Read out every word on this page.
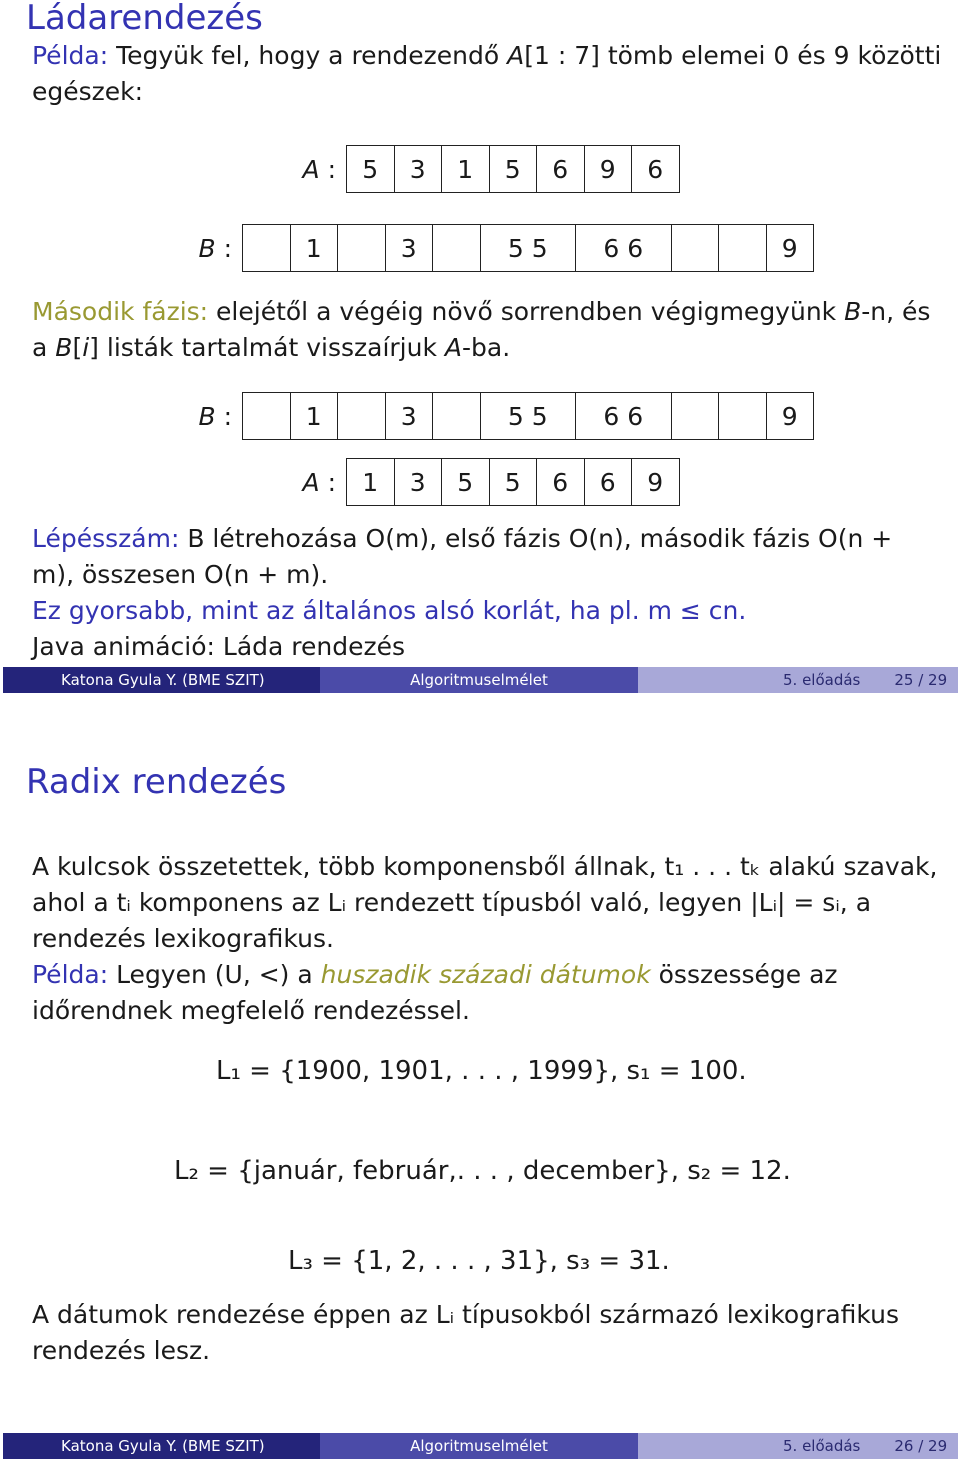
Ládarendezés

Példa: Tegyük fel, hogy a rendezendő A[1 : 7] tömb elemei 0 és 9 közötti egészek:

A :	5	3	1	5	6	9	6
B :	1	3	5 5	6 6	9

Második fázis: elejétől a végéig növő sorrendben végigmegyünk B-n, és a B[i] listák tartalmát visszaírjuk A-ba.

B :	1	3	5 5	6 6	9
A :	1	3	5	5	6	6	9

Lépésszám: B létrehozása O(m), első fázis O(n), második fázis O(n + m), összesen O(n + m).

Ez gyorsabb, mint az általános alsó korlát, ha pl. m ≤ cn.

Java animáció: Láda rendezés

Katona Gyula Y. (BME SZIT)	Algoritmuselmélet	5. előadás 25 / 29
Radix rendezés

A kulcsok összetettek, több komponensből állnak, t₁ . . . tₖ alakú szavak, ahol a tᵢ komponens az Lᵢ rendezett típusból való, legyen |Lᵢ| = sᵢ, a rendezés lexikografikus.

Példa: Legyen (U, <) a huszadik századi dátumok összessége az időrendnek megfelelő rendezéssel.

L₁ = {1900, 1901, . . . , 1999}, s₁ = 100.
L₂ = {január, február,. . . , december}, s₂ = 12.
L₃ = {1, 2, . . . , 31}, s₃ = 31.

A dátumok rendezése éppen az Lᵢ típusokból származó lexikografikus rendezés lesz.

Katona Gyula Y. (BME SZIT)	Algoritmuselmélet	5. előadás 26 / 29
